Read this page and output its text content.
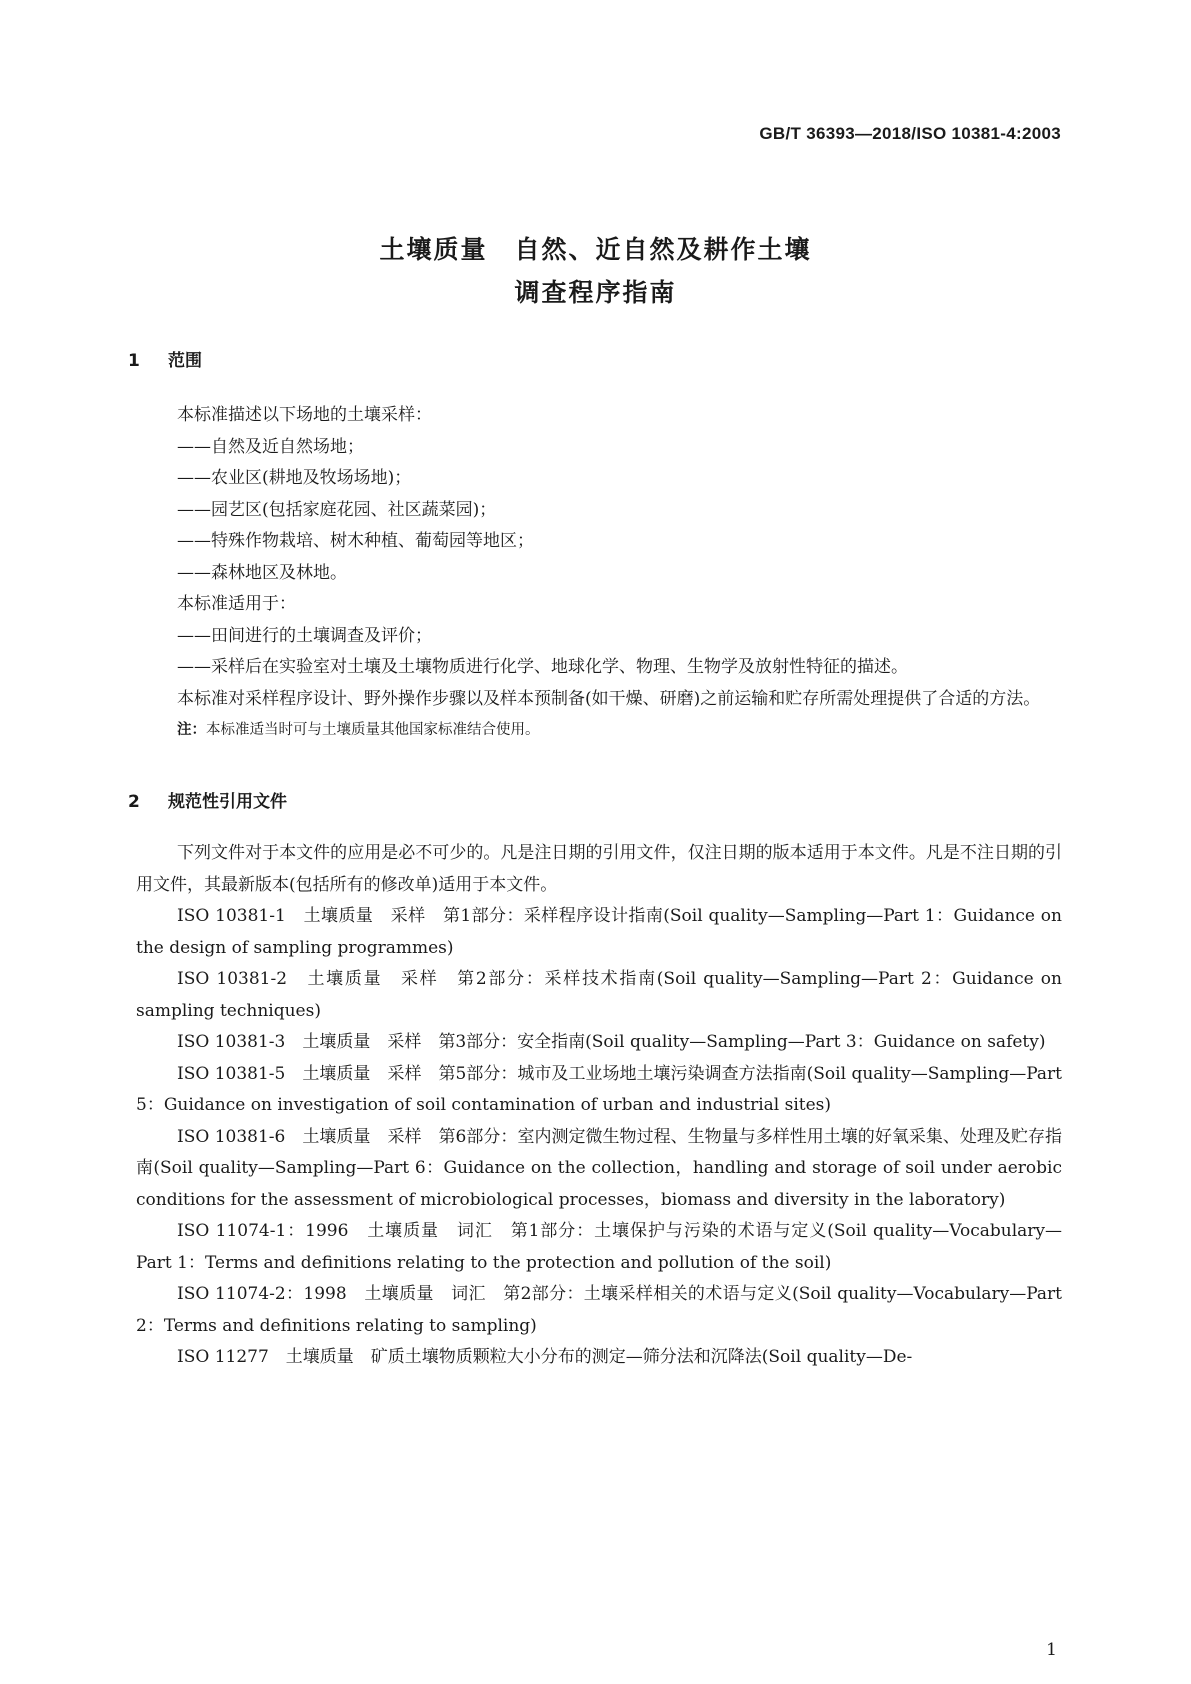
GB/T 36393—2018/ISO 10381-4:2003
土壤质量　自然、近自然及耕作土壤
调查程序指南
1 范围

本标准描述以下场地的土壤采样：

——自然及近自然场地；

——农业区(耕地及牧场场地)；

——园艺区(包括家庭花园、社区蔬菜园)；

——特殊作物栽培、树木种植、葡萄园等地区；

——森林地区及林地。

本标准适用于：

——田间进行的土壤调查及评价；

——采样后在实验室对土壤及土壤物质进行化学、地球化学、物理、生物学及放射性特征的描述。

本标准对采样程序设计、野外操作步骤以及样本预制备(如干燥、研磨)之前运输和贮存所需处理提供了合适的方法。

注：本标准适当时可与土壤质量其他国家标准结合使用。

2 规范性引用文件

下列文件对于本文件的应用是必不可少的。凡是注日期的引用文件，仅注日期的版本适用于本文件。凡是不注日期的引用文件，其最新版本(包括所有的修改单)适用于本文件。

ISO 10381-1　土壤质量　采样　第1部分：采样程序设计指南(Soil quality—Sampling—Part 1：Guidance on the design of sampling programmes)

ISO 10381-2　土壤质量　采样　第2部分：采样技术指南(Soil quality—Sampling—Part 2：Guidance on sampling techniques)

ISO 10381-3　土壤质量　采样　第3部分：安全指南(Soil quality—Sampling—Part 3：Guidance on safety)

ISO 10381-5　土壤质量　采样　第5部分：城市及工业场地土壤污染调查方法指南(Soil quality—Sampling—Part 5：Guidance on investigation of soil contamination of urban and industrial sites)

ISO 10381-6　土壤质量　采样　第6部分：室内测定微生物过程、生物量与多样性用土壤的好氧采集、处理及贮存指南(Soil quality—Sampling—Part 6：Guidance on the collection，handling and storage of soil under aerobic conditions for the assessment of microbiological processes，biomass and diversity in the laboratory)

ISO 11074-1：1996　土壤质量　词汇　第1部分：土壤保护与污染的术语与定义(Soil quality—Vocabulary—Part 1：Terms and definitions relating to the protection and pollution of the soil)

ISO 11074-2：1998　土壤质量　词汇　第2部分：土壤采样相关的术语与定义(Soil quality—Vocabulary—Part 2：Terms and definitions relating to sampling)

ISO 11277　土壤质量　矿质土壤物质颗粒大小分布的测定—筛分法和沉降法(Soil quality—De-

1
